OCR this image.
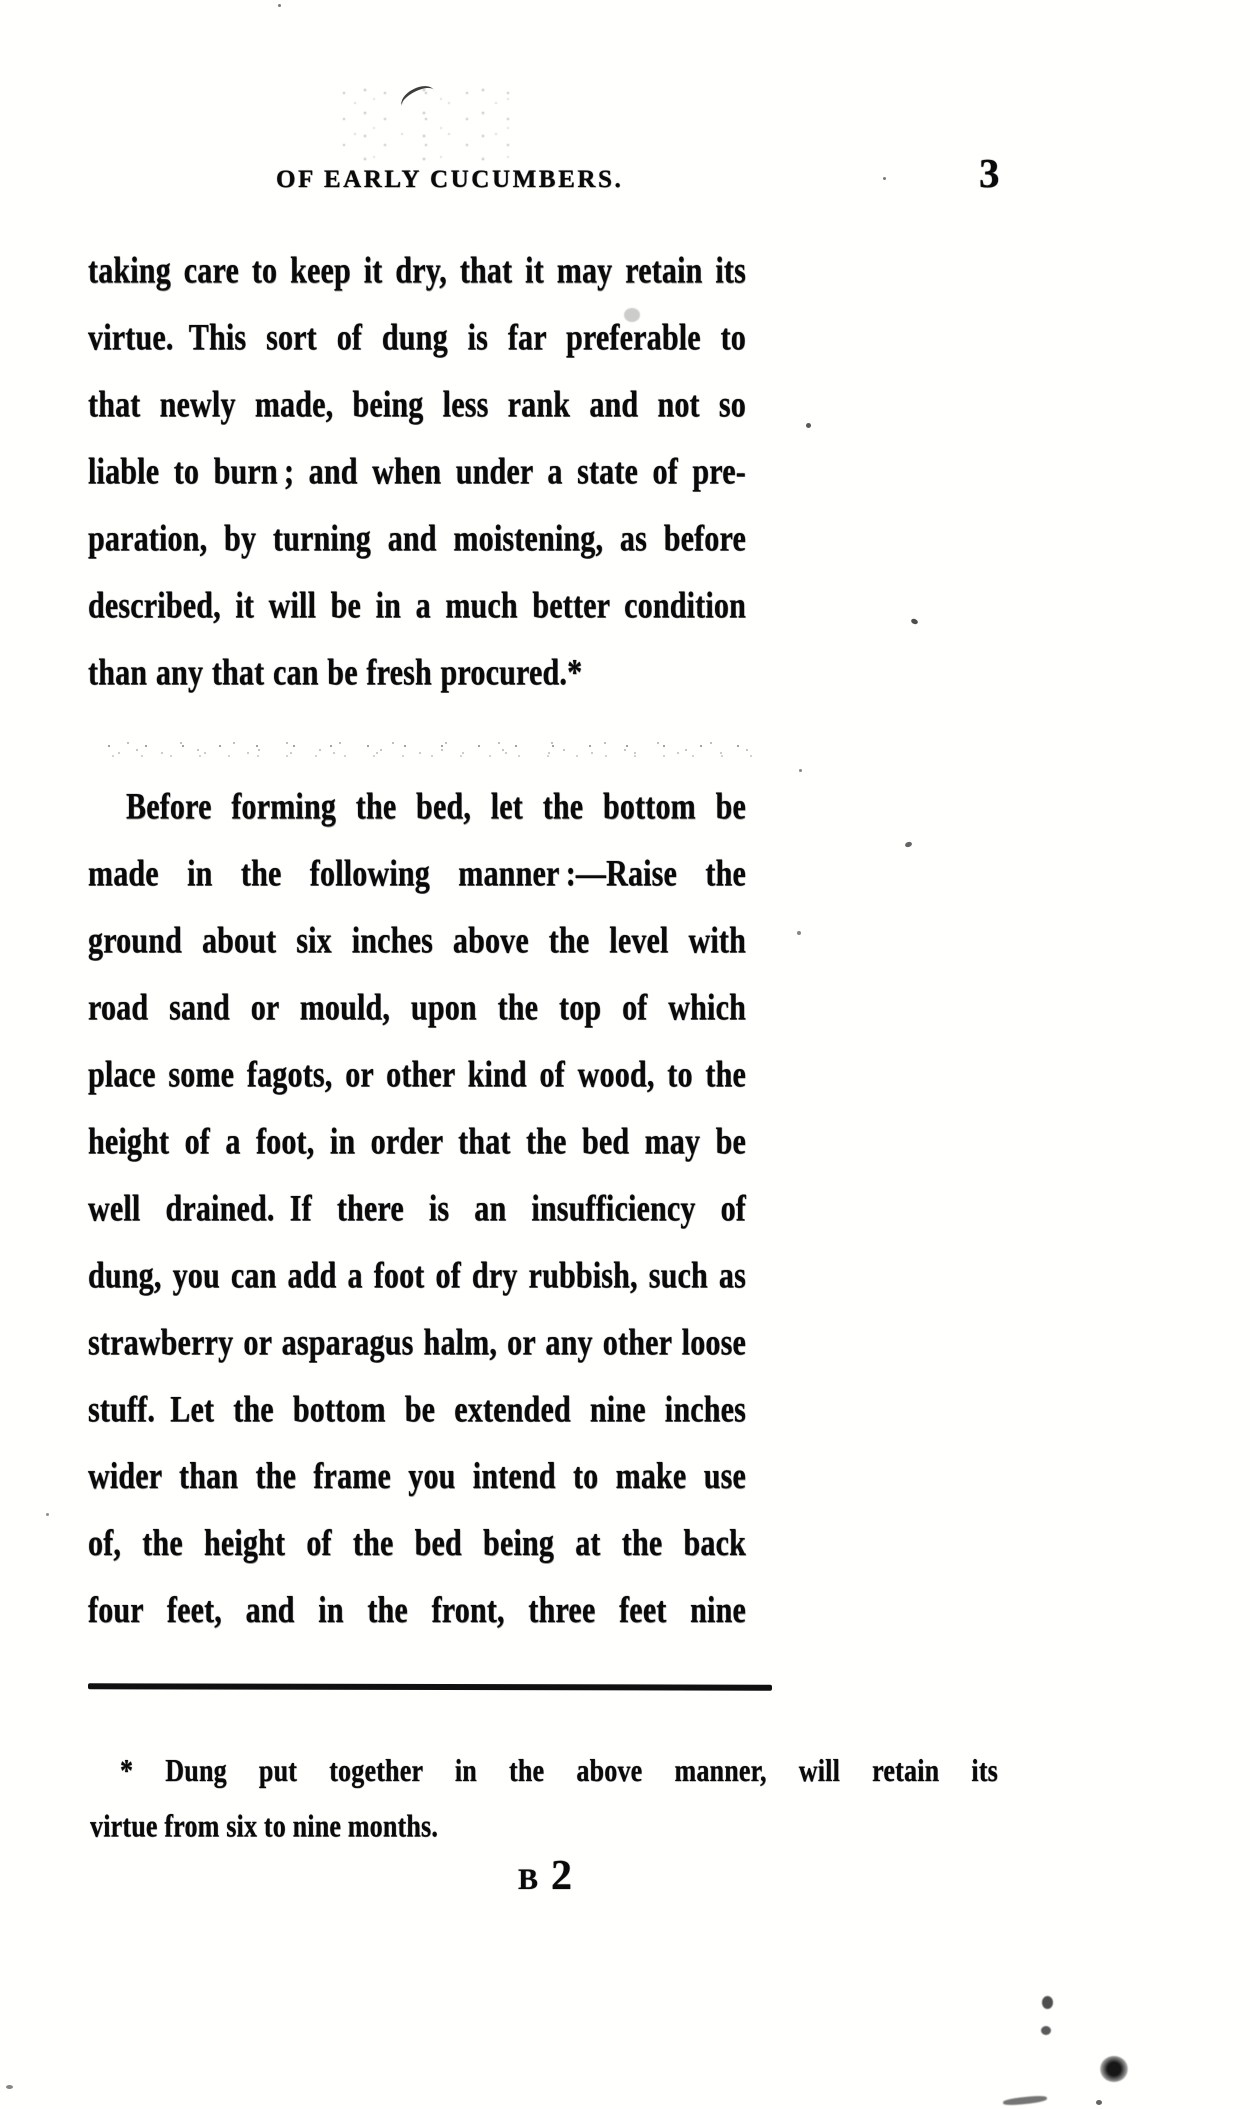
OF EARLY CUCUMBERS.	3
taking care to keep it dry, that it may retain its
virtue. This sort of dung is far preferable to
that newly made, being less rank and not so
liable to burn ; and when under a state of pre-
paration, by turning and moistening, as before
described, it will be in a much better condition
than any that can be fresh procured.*
Before forming the bed, let the bottom be
made in the following manner :—Raise the
ground about six inches above the level with
road sand or mould, upon the top of which
place some fagots, or other kind of wood, to the
height of a foot, in order that the bed may be
well drained. If there is an insufficiency of
dung, you can add a foot of dry rubbish, such as
strawberry or asparagus halm, or any other loose
stuff. Let the bottom be extended nine inches
wider than the frame you intend to make use
of, the height of the bed being at the back
four feet, and in the front, three feet nine
* Dung put together in the above manner, will retain its
virtue from six to nine months.
B 2
